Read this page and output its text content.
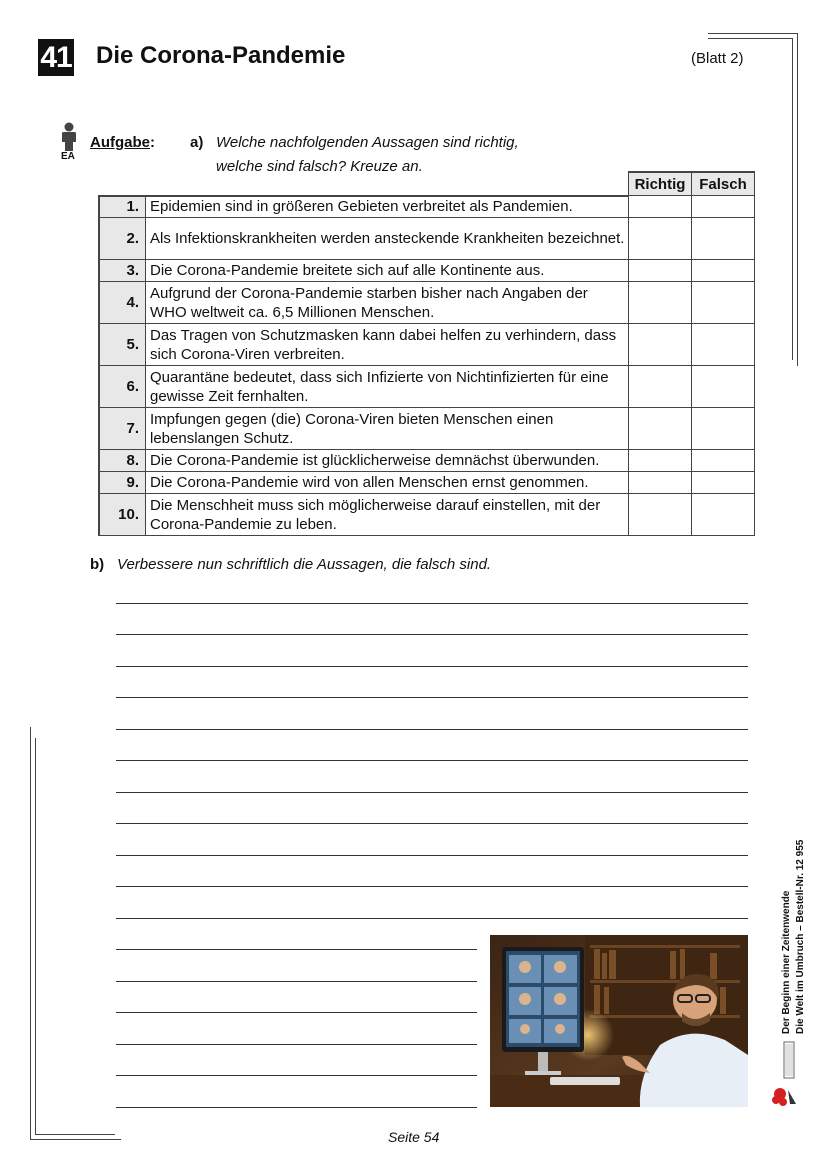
41 Die Corona-Pandemie	(Blatt 2)
EA
Aufgabe : a) Welche nachfolgenden Aussagen sind richtig,
welche sind falsch? Kreuze an.
		Richtig	Falsch
1.	Epidemien sind in größeren Gebieten verbreitet als Pandemien.		
2.	Als Infektionskrankheiten werden ansteckende Krankheiten bezeichnet.		
3.	Die Corona-Pandemie breitete sich auf alle Kontinente aus.		
4.	Aufgrund der Corona-Pandemie starben bisher nach Angaben der WHO weltweit ca. 6,5 Millionen Menschen.		
5.	Das Tragen von Schutzmasken kann dabei helfen zu verhindern, dass sich Corona-Viren verbreiten.		
6.	Quarantäne bedeutet, dass sich Infizierte von Nichtinfizierten für eine gewisse Zeit fernhalten.		
7.	Impfungen gegen (die) Corona-Viren bieten Menschen einen lebenslangen Schutz.		
8.	Die Corona-Pandemie ist glücklicherweise demnächst überwunden.		
9.	Die Corona-Pandemie wird von allen Menschen ernst genommen.		
10.	Die Menschheit muss sich möglicherweise darauf einstellen, mit der Corona-Pandemie zu leben.		
b) Verbessere nun schriftlich die Aussagen, die falsch sind.
Der Beginn einer Zeitenwende Die Welt im Umbruch – Bestell-Nr. 12 955
Seite 54
